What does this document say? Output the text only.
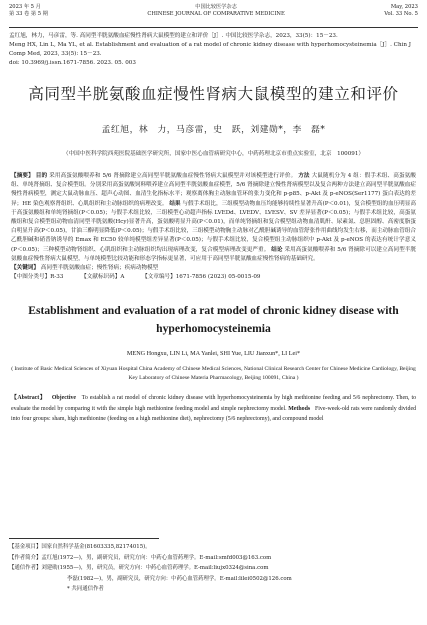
2023 年 5 月
第 33 卷 第 5 期
中国比较医学杂志
CHINESE JOURNAL OF COMPARATIVE MEDICINE
May, 2023
Vol. 33 No. 5
孟红旭，林力，马彦雷，等. 高同型半胱氨酸血症慢性肾病大鼠模型的建立和评价［J］. 中国比较医学杂志，2023，33(5)：15－23.
Meng HX, Lin L, Ma YL, et al. Establishment and evaluation of a rat model of chronic kidney disease with hyperhomocysteinemia［J］. Chin J Comp Med, 2023, 33(5): 15－23.
doi: 10.3969/j.issn.1671-7856. 2023. 05. 003
高同型半胱氨酸血症慢性肾病大鼠模型的建立和评价
孟红旭，林　力，马彦雷，史　跃，刘建勋*，李　磊*
（中国中医科学院西苑医院基础医学研究所，国家中医心血管病研究中心，中药药理北京市重点实验室，北京　100091）
【摘要】 目的 采用高蛋氨酸喂养和 5/6 肾摘除建立高同型半胱氨酸血症慢性肾病大鼠模型并对该模型进行评价。 方法 大鼠随机分为 4 组：假手术组、高蛋氨酸组、单纯肾摘组、复合模型组。分别采用高蛋氨酸饲料喂养建立高同型半胱氨酸血症模型，5/6 肾摘除建立慢性肾病模型以及复合两种方法建立高同型半胱氨酸血症慢性肾病模型，测定大鼠动脉血压、超声心动图、血清生化指标水平；观察离体胸主动脉血管环的张力变化和 p-p85、p-Akt 及 p-eNOS(Ser1177) 蛋白表达的差异；HE 染色观察肾组织、心肌组织和主动脉组织的病理改变。 结果 与假手术组比，三组模型动物血压均能够持续性显著升高(P＜0.01)，复合模型组的血压明显高于高蛋氨酸组和单纯肾摘组(P＜0.05)；与假手术组比较，三组模型心动超声指标 LVEDd、LVEDV、LVESV、SV 差异显著(P＜0.05)；与假手术组比较，高蛋氨酸组和复合模型组动物血清同型半胱氨酸(Hcy)显著升高，蛋氨酸明显升高(P＜0.01)，而单纯肾摘组和复合模型组动物血清肌酐、尿素氮、总胆固醇、高密度脂蛋白明显升高(P＜0.05)，甘油三酯明显降低(P＜0.05)；与假手术组比较，三组模型动物胸主动脉对乙酰胆碱诱导的血管舒张作用曲线均发生右移，而主动脉血管组合乙酰胆碱和硝普钠诱导的 Emax 和 EC50 较单纯模型组差异显著(P＜0.05)；与假手术组比较，复合模型组主动脉组织中 p-Akt 及 p-eNOS 的表达有统计学意义(P＜0.05)；三种模型动物肾组织、心肌组织和主动脉组织均出现病理改变，复合模型病理改变更严重。 结论 采用高蛋氨酸喂养和 5/6 肾摘除可以建立高同型半胱氨酸血症慢性肾病大鼠模型，与单纯模型比较功能和形态学指标更显著，可应用于高同型半胱氨酸血症慢性肾病的基础研究。
【关键词】 高同型半胱氨酸血症；慢性肾病；疾病动物模型
【中图分类号】R-33	【文献标识码】A	【文章编号】1671-7856 (2023) 05-0015-09
Establishment and evaluation of a rat model of chronic kidney disease with hyperhomocysteinemia
MENG Hongxu, LIN Li, MA Yanlei, SHI Yue, LIU Jianxun*, LI Lei*
( Institute of Basic Medical Sciences of Xiyuan Hospital China Academy of Chinese Medical Sciences, National Clinical Research Center for Chinese Medicine Cardiology, Beijing Key Laboratory of Chinese Materia Pharmacology, Beijing 100091, China )
【Abstract】 Objective To establish a rat model of chronic kidney disease with hyperhomocysteinemia by high methionine feeding and 5/6 nephrectomy. Then, to evaluate the model by comparing it with the simple high methionine feeding model and simple nephrectomy model. Methods Five-week-old rats were randomly divided into four groups: sham, high methionine (feeding on a high methionine diet), nephrectomy (5/6 nephrectomy), and compound model
【基金项目】国家自然科学基金(81603335,82174015)。
【作者简介】孟红旭(1972—)，男，副研究员，研究方向：中药心血管药理学。E-mail:smfd003@163.com
【通信作者】刘建勋(1955—)，男，研究员，研究方向：中药心血管药理学。E-mail:liujx0324@sina.com
李磊(1982—)，男，副研究员，研究方向：中药心血管药理学。E-mail:lilei0502@126.com
* 共同通信作者
